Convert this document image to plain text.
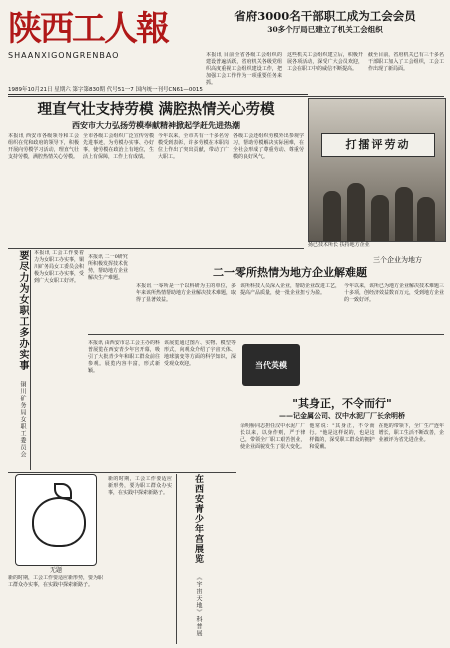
陕西工人報
SHAANXIGONGRENBAO
1989年10月21日 星期六 第字第830期 代号51一7 国内统一刊号CN61—0015
省府3000名干部职工成为工会会员
30多个厅局已建立了机关工会组织
本报讯 目前全省各级工会组织的建设普遍活跃，省府机关各级党组织高度重视工会组织建设工作，把加强工会工作作为一项重要任务来抓。
这些机关工会组织建立后，积极开展各项活动，深受广大会员欢迎，工会在职工中的威信不断提高。
截至目前，省府机关已有三千多名干部职工加入了工会组织，工会工作出现了新局面。
理直气壮支持劳模 满腔热情关心劳模
西安市大力弘扬劳模奉献精神掀起学赶先进热潮
本报讯 西安市各级领导和工会组织在党和政府的领导下，积极开展向劳模学习活动，理直气壮支持劳模，满腔热情关心劳模。
全市各级工会组织广泛宣传劳模先进事迹，为劳模办实事、办好事，使劳模在政治上有地位，生活上有保障，工作上有成绩。
今年以来，全市共有一千多名劳模受到表彰，许多劳模在本职岗位上作出了突出贡献，带动了广大职工。
各级工会还组织劳模外出参观学习，帮助劳模解决实际困难，在全社会形成了尊重劳动、尊重劳模的良好风气。
打擂评劳动
扬已技术所长 扶持地方企业
要尽力为女职工多办实事 铜川矿务局女职工委员会
本报讯 工会工作要着力为女职工办实事，铜川矿务局女工委员会积极为女职工办实事，受到广大女职工好评。
本报讯 二一0研究所积极发挥技术优势，帮助地方企业解决生产难题。
三个企业为地方
二一零所热情为地方企业解难题
本报讯 一零所是一个以科研为主的单位，多年来该所热情帮助地方企业解决技术难题，取得了显著效益。
该所科技人员深入企业，帮助企业改进工艺，提高产品质量，使一批企业扭亏为盈。
今年以来，该所已为地方企业解决技术难题三十多项，创经济效益数百万元，受到地方企业的一致好评。
本报讯 由西安市总工会主办的科普展览在西安青少年宫开幕，吸引了大批青少年和职工群众前往参观。展览内容丰富，形式新颖。
该展览通过图片、实物、模型等形式，向观众介绍了宇宙天体、地球演变等方面的科学知识，深受观众欢迎。	当代英模
"其身正，不令而行"
——记金属公司、汉中水泥厂厂长余明桥
余明桥同志担任汉中水泥厂厂长以来，以身作则，严于律己，带领全厂职工艰苦创业，使企业面貌发生了很大变化。
他常说："其身正，不令而行。"他是这样说的，也是这样做的，深受职工群众的拥护和爱戴。
在他的带领下，全厂生产连年增长，职工生活不断改善，企业被评为省先进企业。
无题
新的时期，工会工作要适应新形势，要为职工群众办实事，在实践中探索新路子。
在西安青少年宫展览 《宇宙天地》科普展
新的时期，工会工作要适应新形势，要为职工群众办实事，在实践中探索新路子。
